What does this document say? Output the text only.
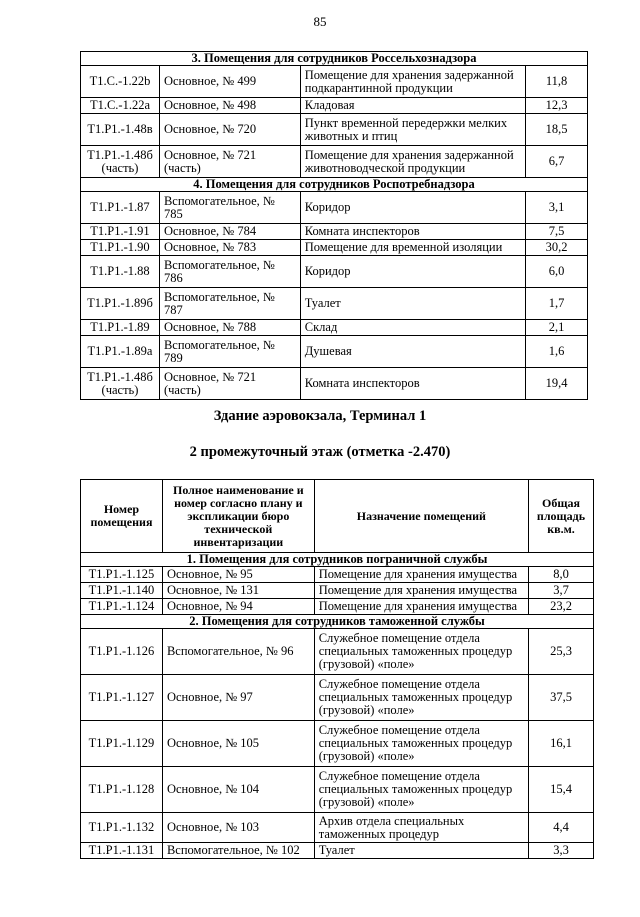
85
3. Помещения для сотрудников Россельхознадзора			
Т1.С.-1.22b	Основное, № 499	Помещение для хранения задержанной подкарантинной продукции	11,8
Т1.С.-1.22а	Основное, № 498	Кладовая	12,3
Т1.Р1.-1.48в	Основное, № 720	Пункт временной передержки мелких животных и птиц	18,5
Т1.Р1.-1.48б (часть)	Основное, № 721 (часть)	Помещение для хранения задержанной животноводческой продукции	6,7
4. Помещения для сотрудников Роспотребнадзора			
Т1.Р1.-1.87	Вспомогательное, № 785	Коридор	3,1
Т1.Р1.-1.91	Основное, № 784	Комната инспекторов	7,5
Т1.Р1.-1.90	Основное, № 783	Помещение для временной изоляции	30,2
Т1.Р1.-1.88	Вспомогательное, № 786	Коридор	6,0
Т1.Р1.-1.89б	Вспомогательное, № 787	Туалет	1,7
Т1.Р1.-1.89	Основное, № 788	Склад	2,1
Т1.Р1.-1.89а	Вспомогательное, № 789	Душевая	1,6
Т1.Р1.-1.48б (часть)	Основное, № 721 (часть)	Комната инспекторов	19,4
Здание аэровокзала, Терминал 1
2 промежуточный этаж (отметка -2.470)
Номер помещения	Полное наименование и номер согласно плану и экспликации бюро технической инвентаризации	Назначение помещений	Общая площадь кв.м.
1. Помещения для сотрудников пограничной службы			
Т1.Р1.-1.125	Основное, № 95	Помещение для хранения имущества	8,0
Т1.Р1.-1.140	Основное, № 131	Помещение для хранения имущества	3,7
Т1.Р1.-1.124	Основное, № 94	Помещение для хранения имущества	23,2
2. Помещения для сотрудников таможенной службы			
Т1.Р1.-1.126	Вспомогательное, № 96	Служебное помещение отдела специальных таможенных процедур (грузовой) «поле»	25,3
Т1.Р1.-1.127	Основное, № 97	Служебное помещение отдела специальных таможенных процедур (грузовой) «поле»	37,5
Т1.Р1.-1.129	Основное, № 105	Служебное помещение отдела специальных таможенных процедур (грузовой) «поле»	16,1
Т1.Р1.-1.128	Основное, № 104	Служебное помещение отдела специальных таможенных процедур (грузовой) «поле»	15,4
Т1.Р1.-1.132	Основное, № 103	Архив отдела специальных таможенных процедур	4,4
Т1.Р1.-1.131	Вспомогательное, № 102	Туалет	3,3
